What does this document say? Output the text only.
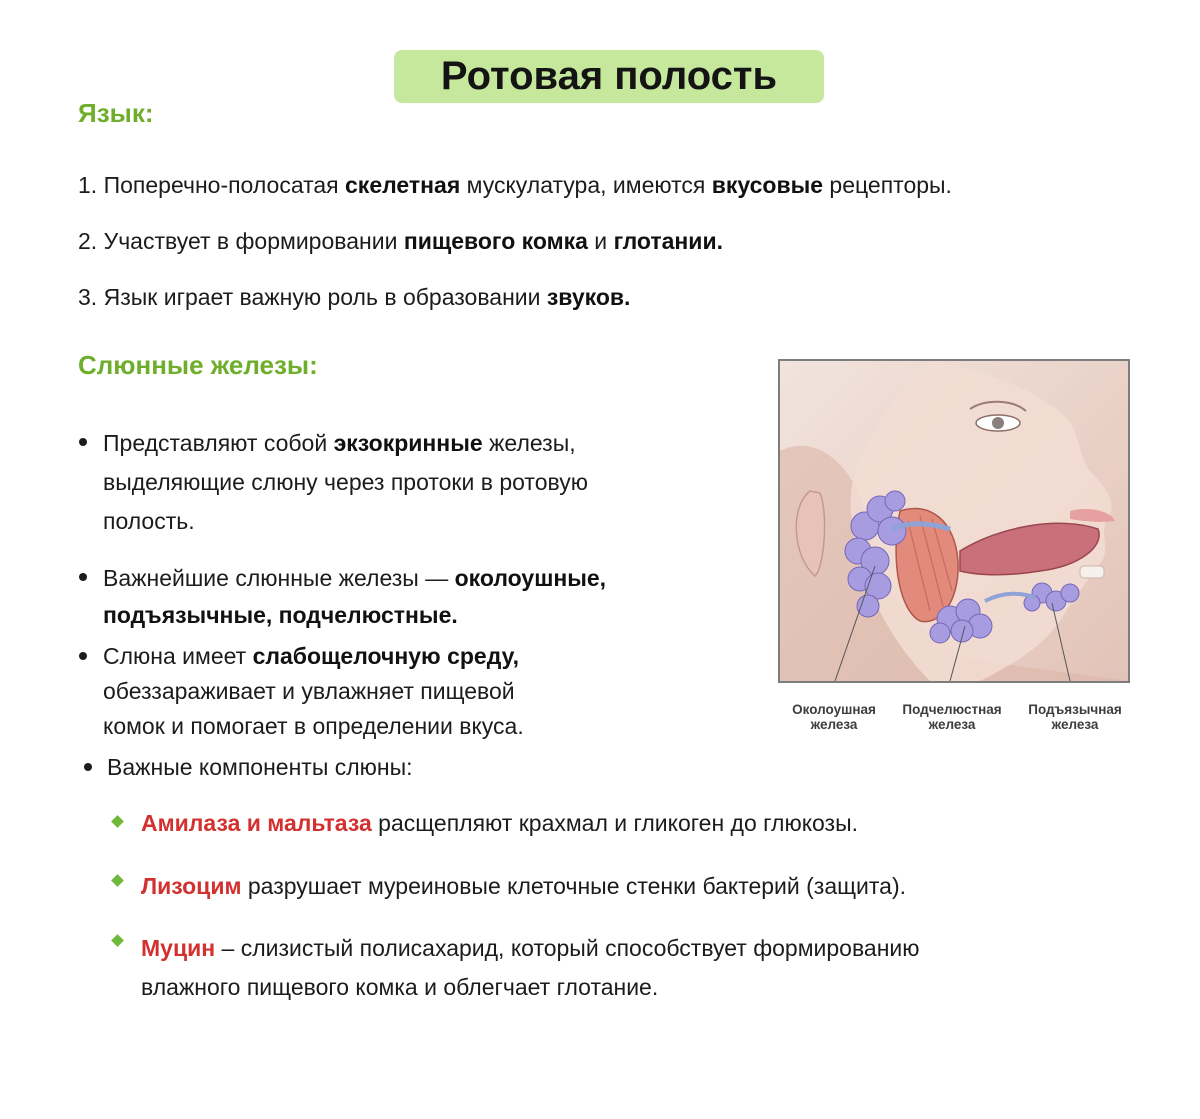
Ротовая полость
Язык:
1. Поперечно-полосатая скелетная мускулатура, имеются вкусовые рецепторы.
2. Участвует в формировании пищевого комка и глотании.
3. Язык играет важную роль в образовании звуков.
Слюнные железы:
Представляют собой экзокринные железы,
выделяющие слюну через протоки в ротовую
полость.
Важнейшие слюнные железы — околоушные,
подъязычные, подчелюстные.
Слюна имеет слабощелочную среду,
обеззараживает и увлажняет пищевой
комок и помогает в определении вкуса.
Важные компоненты слюны:
Амилаза и мальтаза расщепляют крахмал и гликоген до глюкозы.
Лизоцим разрушает муреиновые клеточные стенки бактерий (защита).
Муцин – слизистый полисахарид, который способствует формированию
влажного пищевого комка и облегчает глотание.
Околоушная
железа
Подчелюстная
железа
Подъязычная
железа
